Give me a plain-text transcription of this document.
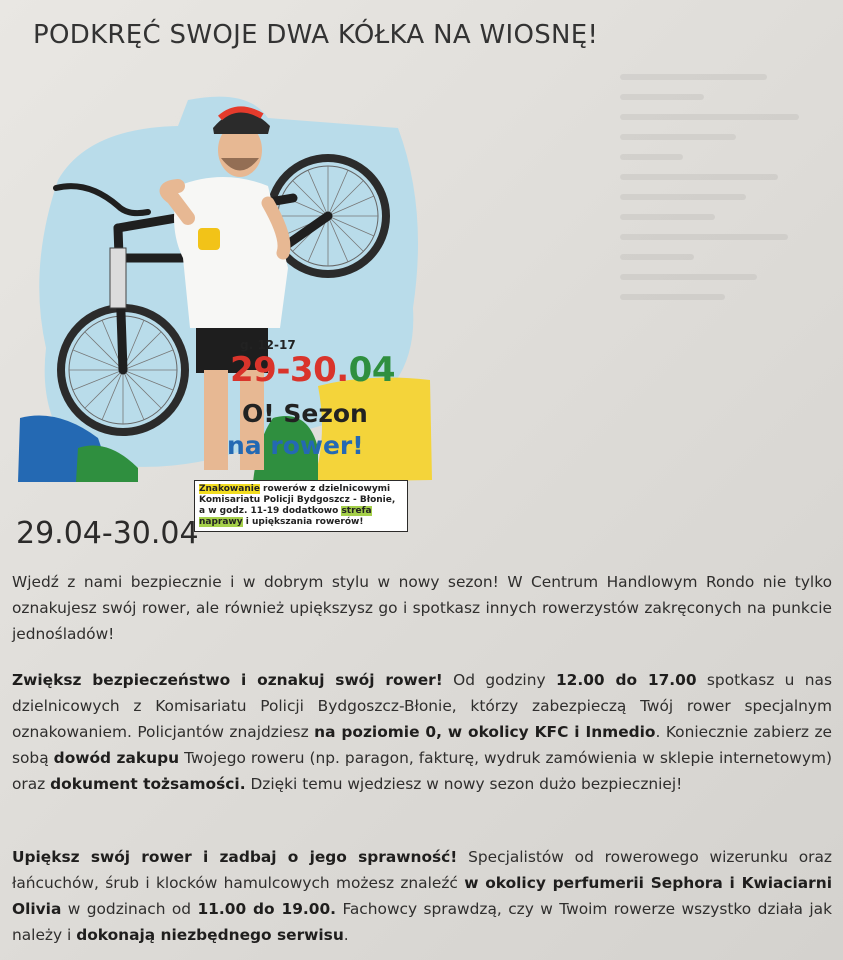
PODKRĘĆ SWOJE DWA KÓŁKA NA WIOSNĘ!
g. 12-17
29-30.04
O! Sezon
na rower!
Znakowanie rowerów z dzielnicowymi Komisariatu Policji Bydgoszcz - Błonie, a w godz. 11-19 dodatkowo strefa naprawy i upiększania rowerów!
29.04-30.04

Wjedź z nami bezpiecznie i w dobrym stylu w nowy sezon! W Centrum Handlowym Rondo nie tylko oznakujesz swój rower, ale również upiększysz go i spotkasz innych rowerzystów zakręconych na punkcie jednośladów!

Zwiększ bezpieczeństwo i oznakuj swój rower! Od godziny 12.00 do 17.00 spotkasz u nas dzielnicowych z Komisariatu Policji Bydgoszcz-Błonie, którzy zabezpieczą Twój rower specjalnym oznakowaniem. Policjantów znajdziesz na poziomie 0, w okolicy KFC i Inmedio. Koniecznie zabierz ze sobą dowód zakupu Twojego roweru (np. paragon, fakturę, wydruk zamówienia w sklepie internetowym) oraz dokument tożsamości. Dzięki temu wjedziesz w nowy sezon dużo bezpieczniej!

Upiększ swój rower i zadbaj o jego sprawność! Specjalistów od rowerowego wizerunku oraz łańcuchów, śrub i klocków hamulcowych możesz znaleźć w okolicy perfumerii Sephora i Kwiaciarni Olivia w godzinach od 11.00 do 19.00. Fachowcy sprawdzą, czy w Twoim rowerze wszystko działa jak należy i dokonają niezbędnego serwisu.
